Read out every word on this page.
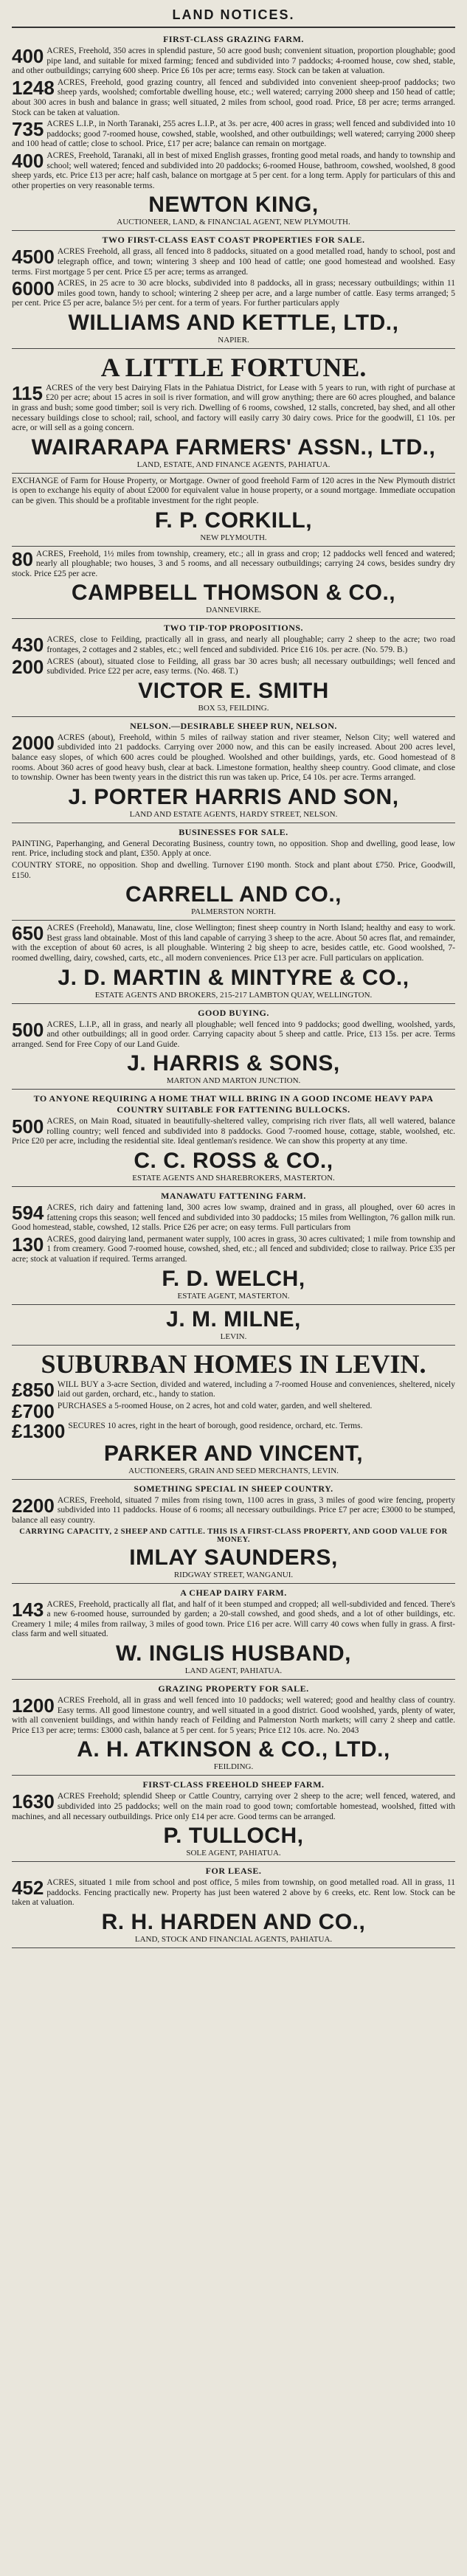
LAND NOTICES.
FIRST-CLASS GRAZING FARM.
400 ACRES, Freehold, 350 acres in splendid pasture, 50 acre good bush; convenient situation, proportion ploughable; good pipe land, and suitable for mixed farming; fenced and subdivided into 7 paddocks; 4-roomed house, cow shed, stable, and other outbuildings; carrying 600 sheep. Price £6 10s per acre; terms easy. Stock can be taken at valuation.
1248 ACRES, Freehold, good grazing country, all fenced and subdivided into convenient sheep-proof paddocks; two sheep yards, woolshed; comfortable dwelling house, etc.; well watered; carrying 2000 sheep and 150 head of cattle; about 300 acres in bush and balance in grass; well situated, 2 miles from school, good road. Price, £8 per acre; terms arranged. Stock can be taken at valuation.
735 ACRES L.I.P., in North Taranaki, 255 acres L.I.P., at 3s. per acre, 400 acres in grass; well fenced and subdivided into 10 paddocks; good 7-roomed house, cowshed, stable, woolshed, and other outbuildings; well watered; carrying 2000 sheep and 100 head of cattle; close to school. Price, £17 per acre; balance can remain on mortgage.
400 ACRES, Freehold, Taranaki, all in best of mixed English grasses, fronting good metal roads, and handy to township and school; well watered; fenced and subdivided into 20 paddocks; 6-roomed House, bathroom, cowshed, woolshed, 8 good sheep yards, etc. Price £13 per acre; half cash, balance on mortgage at 5 per cent. for a long term. Apply for particulars of this and other properties on very reasonable terms.
NEWTON KING,
AUCTIONEER, LAND, & FINANCIAL AGENT, NEW PLYMOUTH.
TWO FIRST-CLASS EAST COAST PROPERTIES FOR SALE.
4500 ACRES Freehold, all grass, all fenced into 8 paddocks, situated on a good metalled road, handy to school, post and telegraph office, and town; wintering 3 sheep and 100 head of cattle; one good homestead and woolshed. Easy terms. First mortgage 5 per cent. Price £5 per acre; terms as arranged.
6000 ACRES, in 25 acre to 30 acre blocks, subdivided into 8 paddocks, all in grass; necessary outbuildings; within 11 miles good town, handy to school; wintering 2 sheep per acre, and a large number of cattle. Easy terms arranged; 5 per cent. Price £5 per acre, balance 5½ per cent. for a term of years. For further particulars apply
WILLIAMS AND KETTLE, LTD.,
NAPIER.
A LITTLE FORTUNE.
115 ACRES of the very best Dairying Flats in the Pahiatua District, for Lease with 5 years to run, with right of purchase at £20 per acre; about 15 acres in soil is river formation, and will grow anything; there are 60 acres ploughed, and balance in grass and bush; some good timber; soil is very rich. Dwelling of 6 rooms, cowshed, 12 stalls, concreted, bay shed, and all other necessary buildings close to school; rail, school, and factory will easily carry 30 dairy cows. Price for the goodwill, £1 10s. per acre, or will sell as a going concern.
WAIRARAPA FARMERS' ASSN., LTD.,
LAND, ESTATE, AND FINANCE AGENTS, PAHIATUA.
EXCHANGE of Farm for House Property, or Mortgage. Owner of good freehold Farm of 120 acres in the New Plymouth district is open to exchange his equity of about £2000 for equivalent value in house property, or a sound mortgage. Immediate occupation can be given. This should be a profitable investment for the right people.
F. P. CORKILL,
NEW PLYMOUTH.
80 ACRES, Freehold, 1½ miles from township, creamery, etc.; all in grass and crop; 12 paddocks well fenced and watered; nearly all ploughable; two houses, 3 and 5 rooms, and all necessary outbuildings; carrying 24 cows, besides sundry dry stock. Price £25 per acre.
CAMPBELL THOMSON & CO.,
DANNEVIRKE.
TWO TIP-TOP PROPOSITIONS.
430 ACRES, close to Feilding, practically all in grass, and nearly all ploughable; carry 2 sheep to the acre; two road frontages, 2 cottages and 2 stables, etc.; well fenced and subdivided. Price £16 10s. per acre. (No. 579. B.)
200 ACRES (about), situated close to Feilding, all grass bar 30 acres bush; all necessary outbuildings; well fenced and subdivided. Price £22 per acre, easy terms. (No. 468. T.)
VICTOR E. SMITH
BOX 53, FEILDING.
NELSON.—DESIRABLE SHEEP RUN, NELSON.
2000 ACRES (about), Freehold, within 5 miles of railway station and river steamer, Nelson City; well watered and subdivided into 21 paddocks. Carrying over 2000 now, and this can be easily increased. About 200 acres level, balance easy slopes, of which 600 acres could be ploughed. Woolshed and other buildings, yards, etc. Good homestead of 8 rooms. About 360 acres of good heavy bush, clear at back. Limestone formation, healthy sheep country. Good climate, and close to township. Owner has been twenty years in the district this run was taken up. Price, £4 10s. per acre. Terms arranged.
J. PORTER HARRIS AND SON,
LAND AND ESTATE AGENTS, HARDY STREET, NELSON.
BUSINESSES FOR SALE.
PAINTING, Paperhanging, and General Decorating Business, country town, no opposition. Shop and dwelling, good lease, low rent. Price, including stock and plant, £350. Apply at once.
COUNTRY STORE, no opposition. Shop and dwelling. Turnover £190 month. Stock and plant about £750. Price, Goodwill, £150.
CARRELL AND CO.,
PALMERSTON NORTH.
650 ACRES (Freehold), Manawatu, line, close Wellington; finest sheep country in North Island; healthy and easy to work. Best grass land obtainable. Most of this land capable of carrying 3 sheep to the acre. About 50 acres flat, and remainder, with the exception of about 60 acres, is all ploughable. Wintering 2 big sheep to acre, besides cattle, etc. Good woolshed, 7-roomed dwelling, dairy, cowshed, carts, etc., all modern conveniences. Price £13 per acre. Full particulars on application.
J. D. MARTIN & MINTYRE & CO.,
ESTATE AGENTS AND BROKERS, 215-217 LAMBTON QUAY, WELLINGTON.
GOOD BUYING.
500 ACRES, L.I.P., all in grass, and nearly all ploughable; well fenced into 9 paddocks; good dwelling, woolshed, yards, and other outbuildings; all in good order. Carrying capacity about 5 sheep and cattle. Price, £13 15s. per acre. Terms arranged. Send for Free Copy of our Land Guide.
J. HARRIS & SONS,
MARTON AND MARTON JUNCTION.
TO ANYONE REQUIRING A HOME THAT WILL BRING IN A GOOD INCOME HEAVY PAPA COUNTRY SUITABLE FOR FATTENING BULLOCKS.
500 ACRES, on Main Road, situated in beautifully-sheltered valley, comprising rich river flats, all well watered, balance rolling country; well fenced and subdivided into 8 paddocks. Good 7-roomed house, cottage, stable, woolshed, etc. Price £20 per acre, including the residential site. Ideal gentleman's residence. We can show this property at any time.
C. C. ROSS & CO.,
ESTATE AGENTS AND SHAREBROKERS, MASTERTON.
MANAWATU FATTENING FARM.
594 ACRES, rich dairy and fattening land, 300 acres low swamp, drained and in grass, all ploughed, over 60 acres in fattening crops this season; well fenced and subdivided into 30 paddocks; 15 miles from Wellington, 76 gallon milk run. Good homestead, stable, cowshed, 12 stalls. Price £26 per acre; on easy terms. Full particulars from
130 ACRES, good dairying land, permanent water supply, 100 acres in grass, 30 acres cultivated; 1 mile from township and 1 from creamery. Good 7-roomed house, cowshed, shed, etc.; all fenced and subdivided; close to railway. Price £35 per acre; stock at valuation if required. Terms arranged.
F. D. WELCH,
ESTATE AGENT, MASTERTON.
J. M. MILNE,
LEVIN.
SUBURBAN HOMES IN LEVIN.
£850 WILL BUY a 3-acre Section, divided and watered, including a 7-roomed House and conveniences, sheltered, nicely laid out garden, orchard, etc., handy to station.
£700 PURCHASES a 5-roomed House, on 2 acres, hot and cold water, garden, and well sheltered.
£1300 SECURES 10 acres, right in the heart of borough, good residence, orchard, etc. Terms.
PARKER AND VINCENT,
AUCTIONEERS, GRAIN AND SEED MERCHANTS, LEVIN.
SOMETHING SPECIAL IN SHEEP COUNTRY.
2200 ACRES, Freehold, situated 7 miles from rising town, 1100 acres in grass, 3 miles of good wire fencing, property subdivided into 11 paddocks. House of 6 rooms; all necessary outbuildings. Price £7 per acre; £3000 to be stumped, balance all easy country.
CARRYING CAPACITY, 2 SHEEP AND CATTLE. THIS IS A FIRST-CLASS PROPERTY, AND GOOD VALUE FOR MONEY.
IMLAY SAUNDERS,
RIDGWAY STREET, WANGANUI.
A CHEAP DAIRY FARM.
143 ACRES, Freehold, practically all flat, and half of it been stumped and cropped; all well-subdivided and fenced. There's a new 6-roomed house, surrounded by garden; a 20-stall cowshed, and good sheds, and a lot of other buildings, etc. Creamery 1 mile; 4 miles from railway, 3 miles of good town. Price £16 per acre. Will carry 40 cows when fully in grass. A first-class farm and well situated.
W. INGLIS HUSBAND,
LAND AGENT, PAHIATUA.
GRAZING PROPERTY FOR SALE.
1200 ACRES Freehold, all in grass and well fenced into 10 paddocks; well watered; good and healthy class of country. Easy terms. All good limestone country, and well situated in a good district. Good woolshed, yards, plenty of water, with all convenient buildings, and within handy reach of Feilding and Palmerston North markets; will carry 2 sheep and cattle. Price £13 per acre; terms: £3000 cash, balance at 5 per cent. for 5 years; Price £12 10s. acre. No. 2043
A. H. ATKINSON & CO., LTD.,
FEILDING.
FIRST-CLASS FREEHOLD SHEEP FARM.
1630 ACRES Freehold; splendid Sheep or Cattle Country, carrying over 2 sheep to the acre; well fenced, watered, and subdivided into 25 paddocks; well on the main road to good town; comfortable homestead, woolshed, fitted with machines, and all necessary outbuildings. Price only £14 per acre. Good terms can be arranged.
P. TULLOCH,
SOLE AGENT, PAHIATUA.
FOR LEASE.
452 ACRES, situated 1 mile from school and post office, 5 miles from township, on good metalled road. All in grass, 11 paddocks. Fencing practically new. Property has just been watered 2 above by 6 creeks, etc. Rent low. Stock can be taken at valuation.
R. H. HARDEN AND CO.,
LAND, STOCK AND FINANCIAL AGENTS, PAHIATUA.
